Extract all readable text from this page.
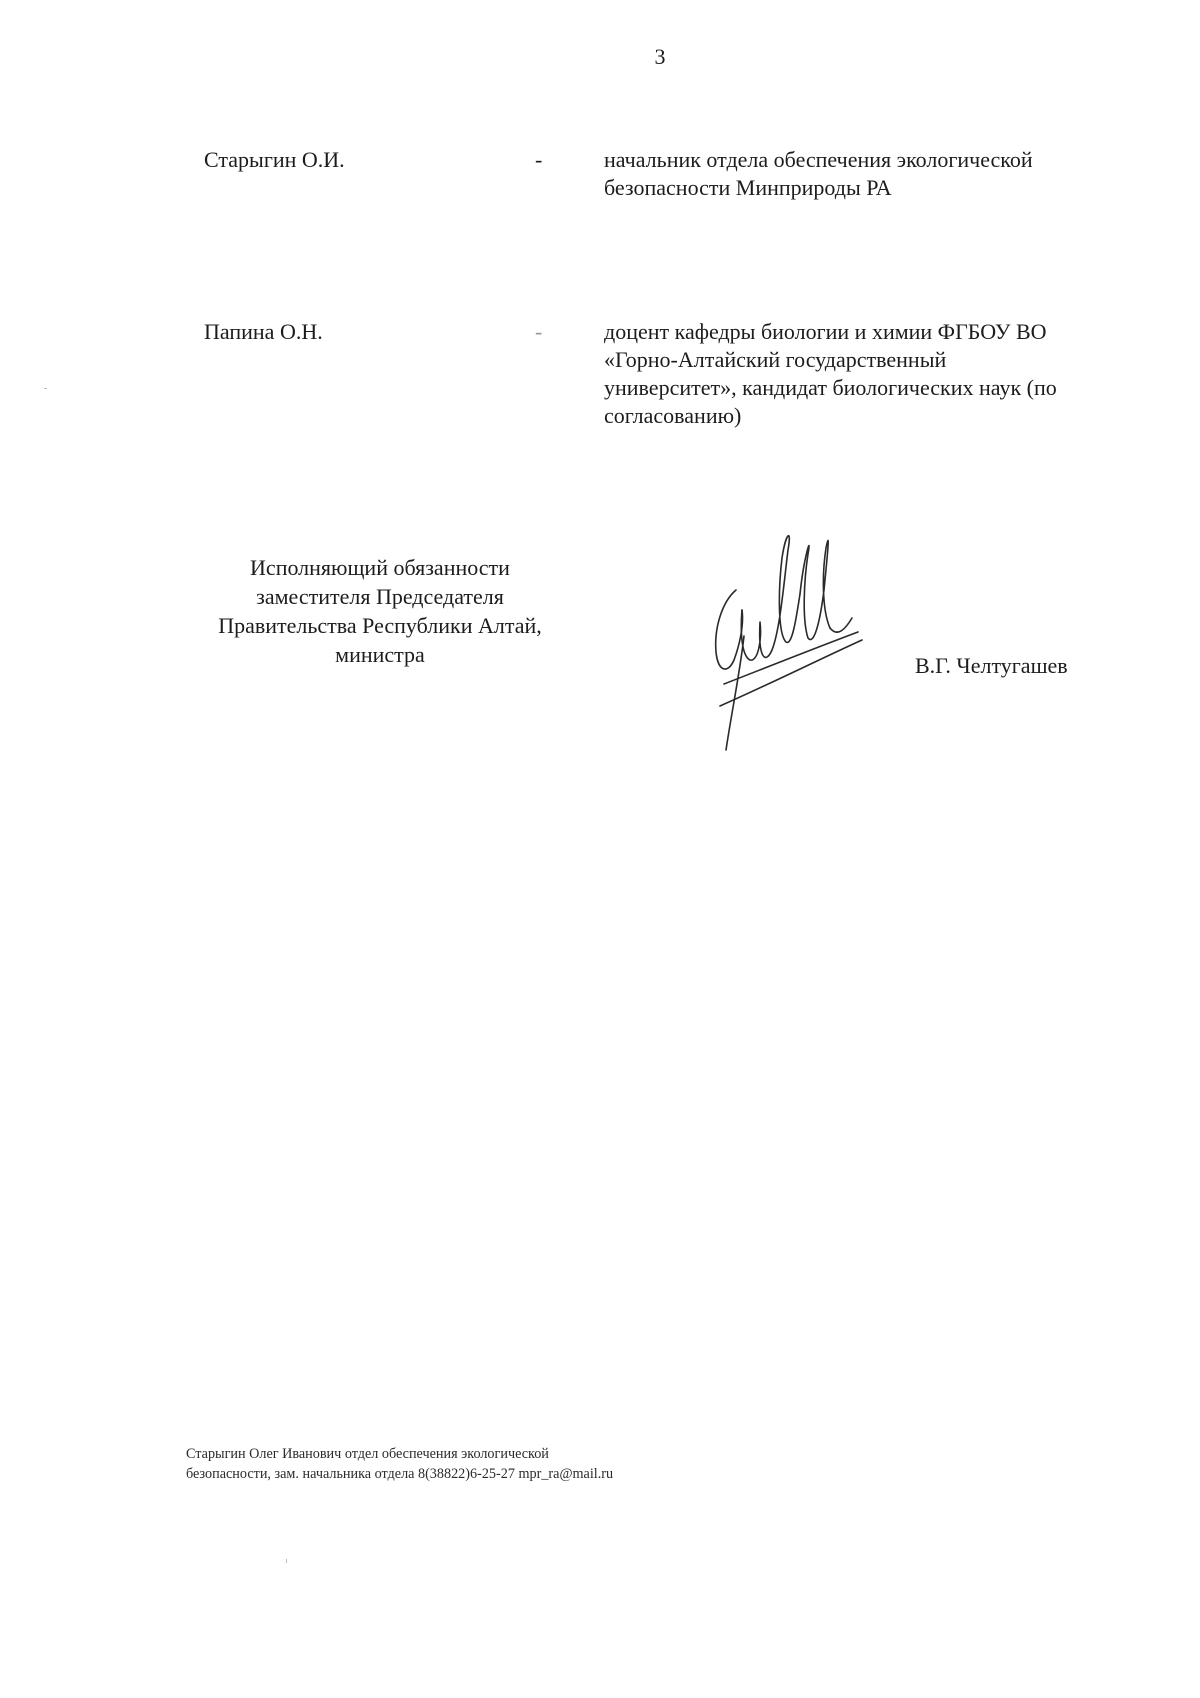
3
Старыгин О.И.	-	начальник отдела обеспечения экологической
безопасности Минприроды РА
Папина О.Н.	-	доцент кафедры биологии и химии ФГБОУ ВО
«Горно-Алтайский государственный
университет», кандидат биологических наук (по
согласованию)
Исполняющий обязанности
заместителя Председателя
Правительства Республики Алтай,
министра	В.Г. Челтугашев
Старыгин Олег Иванович отдел обеспечения экологической
безопасности, зам. начальника отдела 8(38822)6-25-27 mpr_ra@mail.ru
